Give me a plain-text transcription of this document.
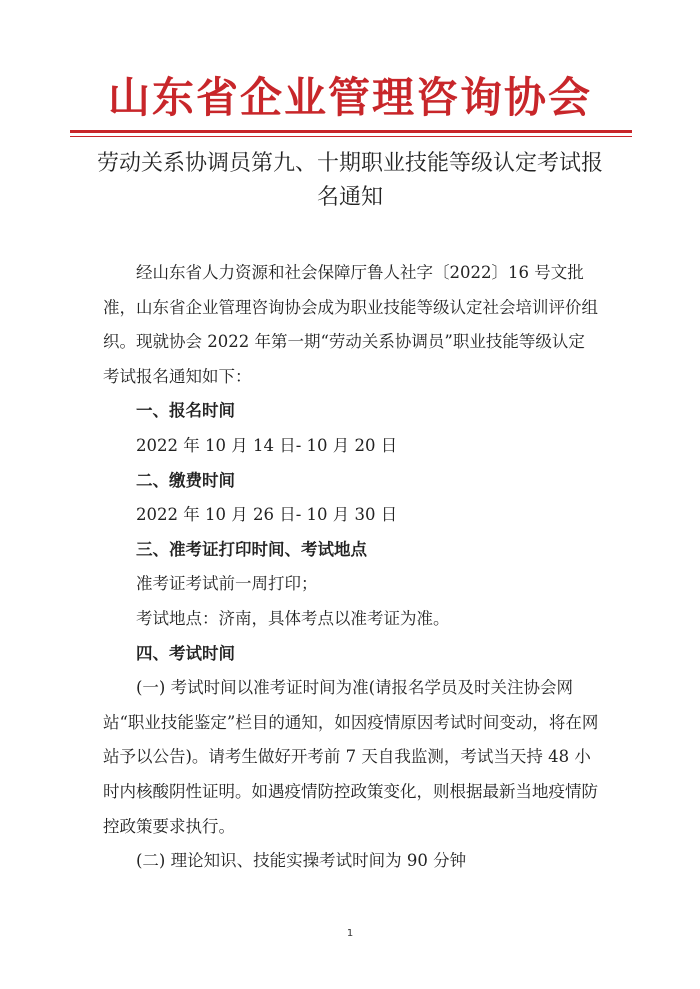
山东省企业管理咨询协会
劳动关系协调员第九、十期职业技能等级认定考试报名通知

经山东省人力资源和社会保障厅鲁人社字〔2022〕16 号文批准，山东省企业管理咨询协会成为职业技能等级认定社会培训评价组织。现就协会 2022 年第一期“劳动关系协调员”职业技能等级认定考试报名通知如下：

一、报名时间

2022 年 10 月 14 日- 10 月 20 日

二、缴费时间

2022 年 10 月 26 日- 10 月 30 日

三、准考证打印时间、考试地点

准考证考试前一周打印；

考试地点：济南，具体考点以准考证为准。

四、考试时间

(一) 考试时间以准考证时间为准(请报名学员及时关注协会网站“职业技能鉴定”栏目的通知，如因疫情原因考试时间变动，将在网站予以公告)。请考生做好开考前 7 天自我监测，考试当天持 48 小时内核酸阴性证明。如遇疫情防控政策变化，则根据最新当地疫情防控政策要求执行。

(二) 理论知识、技能实操考试时间为 90 分钟

1
